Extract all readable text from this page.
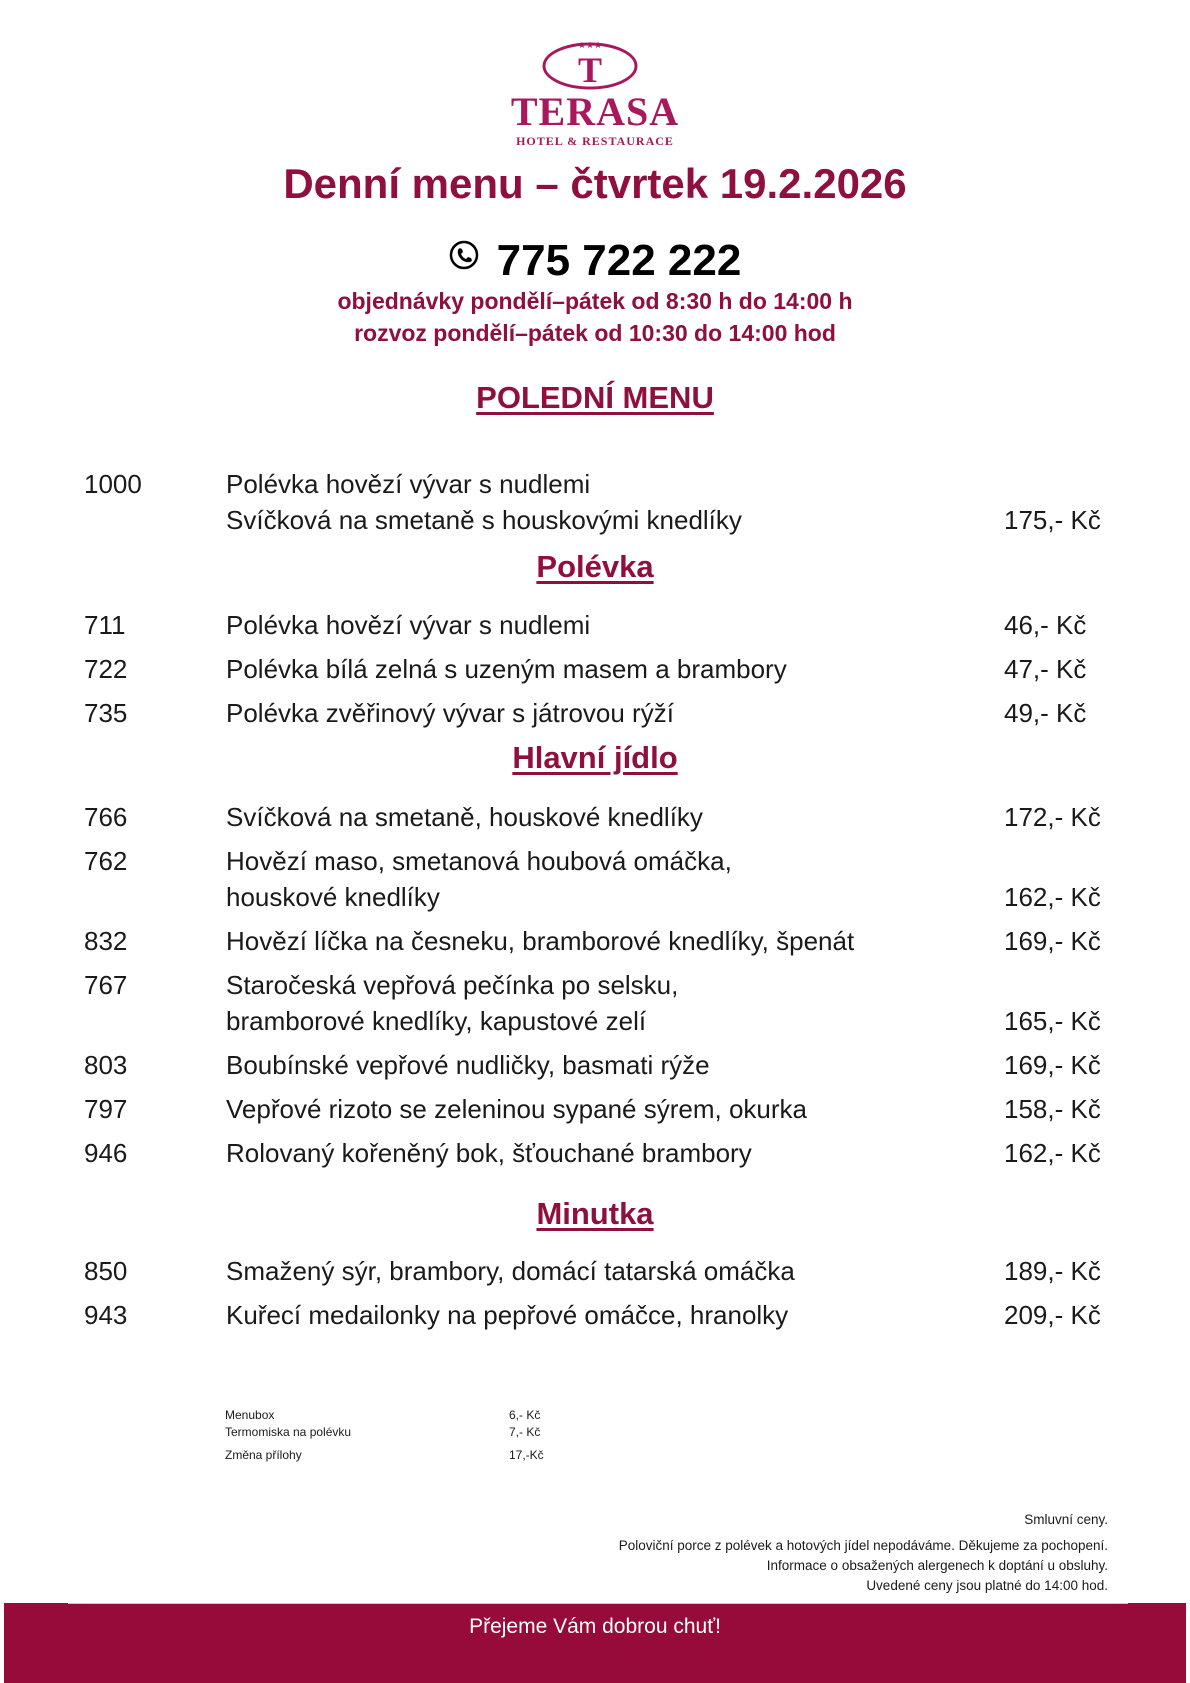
★★★
T
TERASA
HOTEL & RESTAURACE
Denní menu – čtvrtek 19.2.2026
775 722 222
objednávky pondělí–pátek od 8:30 h do 14:00 h
rozvoz pondělí–pátek od 10:30 do 14:00 hod
POLEDNÍ MENU
1000	Polévka hovězí vývar s nudlemi
Svíčková na smetaně s houskovými knedlíky	175,- Kč
Polévka
711	Polévka hovězí vývar s nudlemi	46,- Kč
722	Polévka bílá zelná s uzeným masem a brambory	47,- Kč
735	Polévka zvěřinový vývar s játrovou rýží	49,- Kč
Hlavní jídlo
766	Svíčková na smetaně, houskové knedlíky	172,- Kč
762	Hovězí maso, smetanová houbová omáčka,
houskové knedlíky	162,- Kč
832	Hovězí líčka na česneku, bramborové knedlíky, špenát	169,- Kč
767	Staročeská vepřová pečínka po selsku,
bramborové knedlíky, kapustové zelí	165,- Kč
803	Boubínské vepřové nudličky, basmati rýže	169,- Kč
797	Vepřové rizoto se zeleninou sypané sýrem, okurka	158,- Kč
946	Rolovaný kořeněný bok, šťouchané brambory	162,- Kč
Minutka
850	Smažený sýr, brambory, domácí tatarská omáčka	189,- Kč
943	Kuřecí medailonky na pepřové omáčce, hranolky	209,- Kč
Menubox	6,- Kč
Termomiska na polévku	7,- Kč
Změna přílohy	17,-Kč
Smluvní ceny.
Poloviční porce z polévek a hotových jídel nepodáváme. Děkujeme za pochopení.
Informace o obsažených alergenech k doptání u obsluhy.
Uvedené ceny jsou platné do 14:00 hod.
Přejeme Vám dobrou chuť!
